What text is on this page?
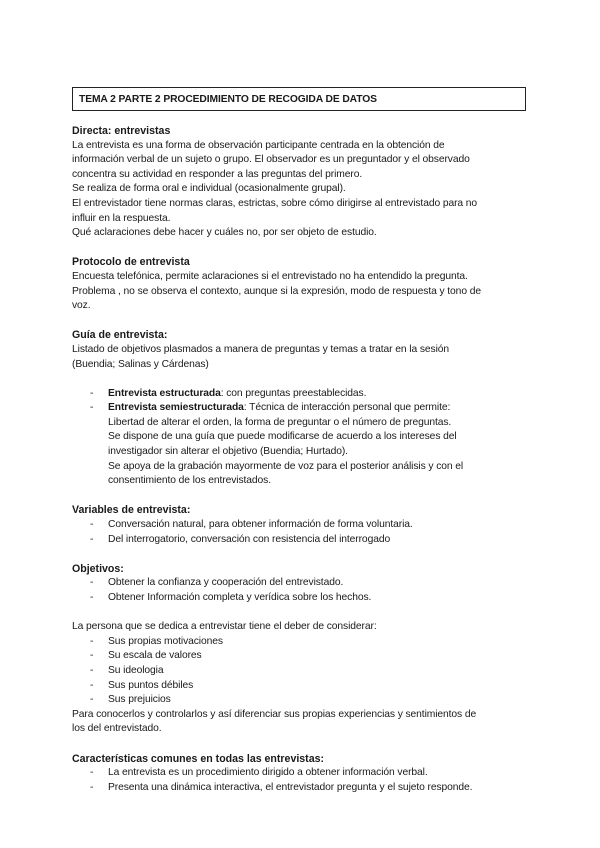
TEMA 2 PARTE 2 PROCEDIMIENTO DE RECOGIDA DE DATOS
Directa: entrevistas

La entrevista es una forma de observación participante centrada en la obtención de

información verbal de un sujeto o grupo. El observador es un preguntador y el observado

concentra su actividad en responder a las preguntas del primero.

Se realiza de forma oral e individual (ocasionalmente grupal).

El entrevistador tiene normas claras, estrictas, sobre cómo dirigirse al entrevistado para no

influir en la respuesta.

Qué aclaraciones debe hacer y cuáles no, por ser objeto de estudio.

Protocolo de entrevista

Encuesta telefónica, permite aclaraciones si el entrevistado no ha entendido la pregunta.

Problema , no se observa el contexto, aunque si la expresión, modo de respuesta y tono de

voz.

Guía de entrevista:

Listado de objetivos plasmados a manera de preguntas y temas a tratar en la sesión

(Buendia; Salinas y Cárdenas)

- Entrevista estructurada: con preguntas preestablecidas.
- Entrevista semiestructurada: Técnica de interacción personal que permite:
Libertad de alterar el orden, la forma de preguntar o el número de preguntas.
Se dispone de una guía que puede modificarse de acuerdo a los intereses del
investigador sin alterar el objetivo (Buendia; Hurtado).
Se apoya de la grabación mayormente de voz para el posterior análisis y con el
consentimiento de los entrevistados.
Variables de entrevista:
- Conversación natural, para obtener información de forma voluntaria.
- Del interrogatorio, conversación con resistencia del interrogado
Objetivos:
- Obtener la confianza y cooperación del entrevistado.
- Obtener Información completa y verídica sobre los hechos.

La persona que se dedica a entrevistar tiene el deber de considerar:

- Sus propias motivaciones
- Su escala de valores
- Su ideologia
- Sus puntos débiles
- Sus prejuicios

Para conocerlos y controlarlos y así diferenciar sus propias experiencias y sentimientos de

los del entrevistado.

Características comunes en todas las entrevistas:
- La entrevista es un procedimiento dirigido a obtener información verbal.
- Presenta una dinámica interactiva, el entrevistador pregunta y el sujeto responde.
